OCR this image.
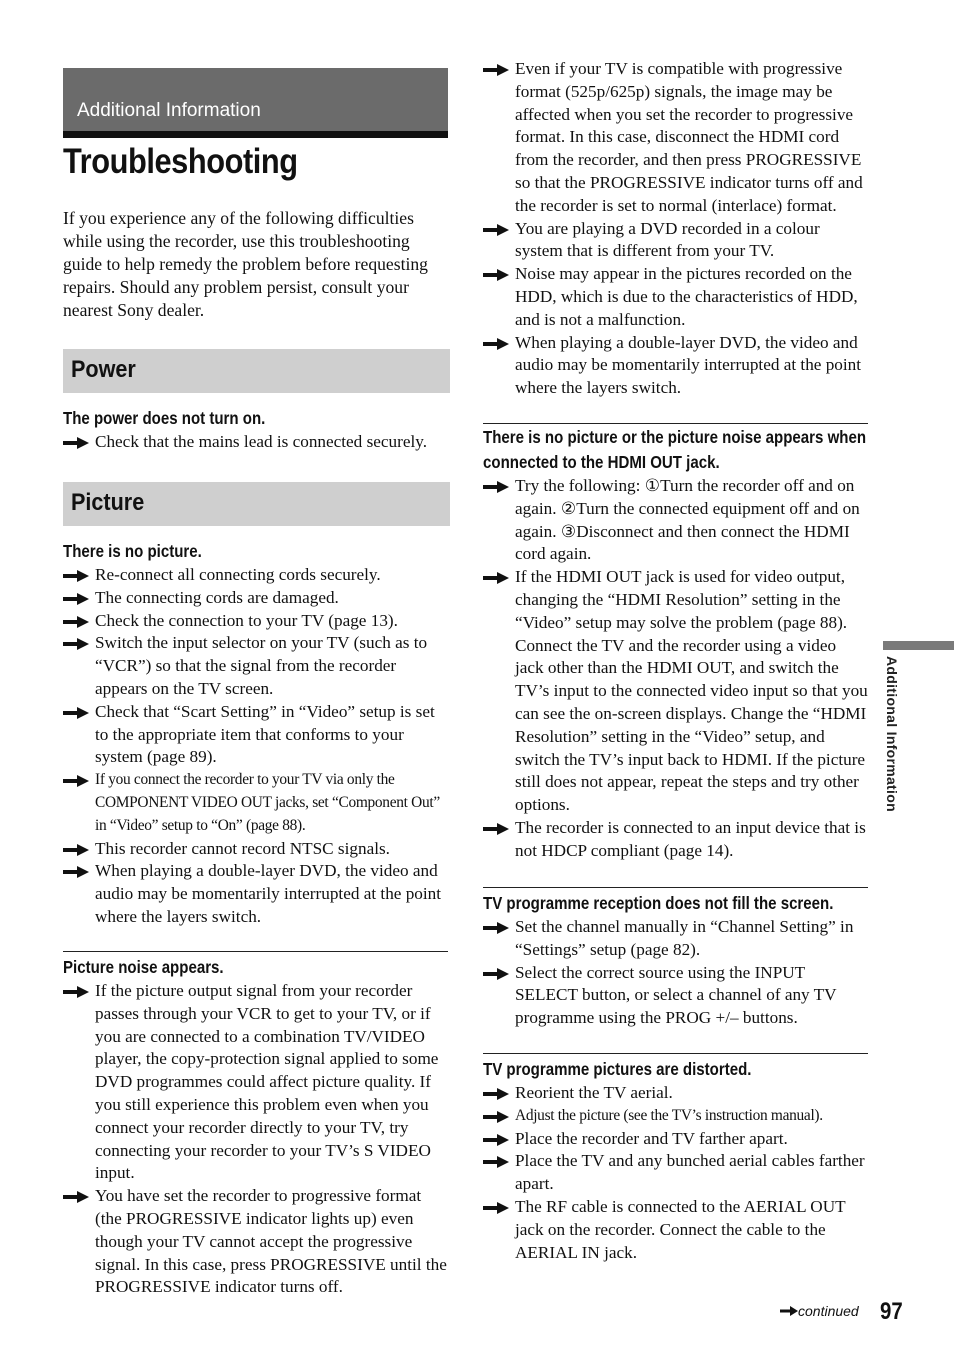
Additional Information
Troubleshooting

If you experience any of the following difficulties while using the recorder, use this troubleshooting guide to help remedy the problem before requesting repairs. Should any problem persist, consult your nearest Sony dealer.

Power
The power does not turn on.
Check that the mains lead is connected securely.
Picture
There is no picture.
Re-connect all connecting cords securely.
The connecting cords are damaged.
Check the connection to your TV (page 13).
Switch the input selector on your TV (such as to “VCR”) so that the signal from the recorder appears on the TV screen.
Check that “Scart Setting” in “Video” setup is set to the appropriate item that conforms to your system (page 89).
If you connect the recorder to your TV via only the COMPONENT VIDEO OUT jacks, set “Component Out” in “Video” setup to “On” (page 88).
This recorder cannot record NTSC signals.
When playing a double-layer DVD, the video and audio may be momentarily interrupted at the point where the layers switch.
Picture noise appears.
If the picture output signal from your recorder passes through your VCR to get to your TV, or if you are connected to a combination TV/VIDEO player, the copy-protection signal applied to some DVD programmes could affect picture quality. If you still experience this problem even when you connect your recorder directly to your TV, try connecting your recorder to your TV’s S VIDEO input.
You have set the recorder to progressive format (the PROGRESSIVE indicator lights up) even though your TV cannot accept the progressive signal. In this case, press PROGRESSIVE until the PROGRESSIVE indicator turns off.
Even if your TV is compatible with progressive format (525p/625p) signals, the image may be affected when you set the recorder to progressive format. In this case, disconnect the HDMI cord from the recorder, and then press PROGRESSIVE so that the PROGRESSIVE indicator turns off and the recorder is set to normal (interlace) format.
You are playing a DVD recorded in a colour system that is different from your TV.
Noise may appear in the pictures recorded on the HDD, which is due to the characteristics of HDD, and is not a malfunction.
When playing a double-layer DVD, the video and audio may be momentarily interrupted at the point where the layers switch.
There is no picture or the picture noise appears when connected to the HDMI OUT jack.
Try the following: ①Turn the recorder off and on again. ②Turn the connected equipment off and on again. ③Disconnect and then connect the HDMI cord again.
If the HDMI OUT jack is used for video output, changing the “HDMI Resolution” setting in the “Video” setup may solve the problem (page 88). Connect the TV and the recorder using a video jack other than the HDMI OUT, and switch the TV’s input to the connected video input so that you can see the on-screen displays. Change the “HDMI Resolution” setting in the “Video” setup, and switch the TV’s input back to HDMI. If the picture still does not appear, repeat the steps and try other options.
The recorder is connected to an input device that is not HDCP compliant (page 14).
TV programme reception does not fill the screen.
Set the channel manually in “Channel Setting” in “Settings” setup (page 82).
Select the correct source using the INPUT SELECT button, or select a channel of any TV programme using the PROG +/– buttons.
TV programme pictures are distorted.
Reorient the TV aerial.
Adjust the picture (see the TV’s instruction manual).
Place the recorder and TV farther apart.
Place the TV and any bunched aerial cables farther apart.
The RF cable is connected to the AERIAL OUT jack on the recorder. Connect the cable to the AERIAL IN jack.
Additional Information
continued 97
